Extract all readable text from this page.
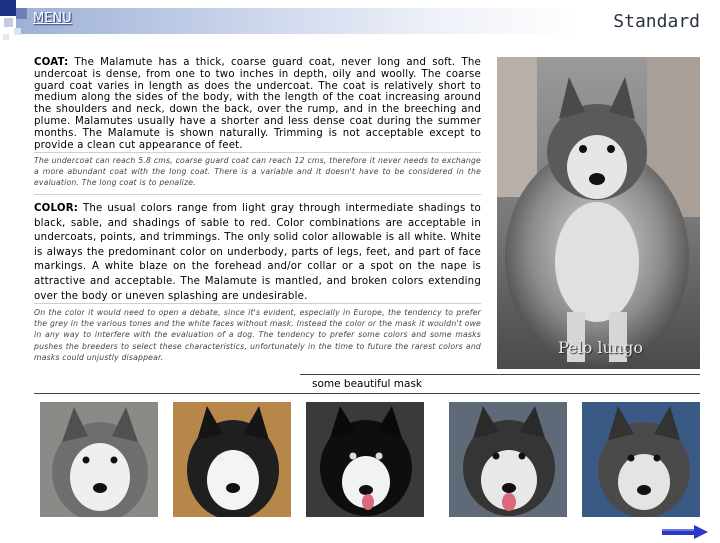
MENU	Standard
COAT: The Malamute has a thick, coarse guard coat, never long and soft. The undercoat is dense, from one to two inches in depth, oily and woolly. The coarse guard coat varies in length as does the undercoat. The coat is relatively short to medium along the sides of the body, with the length of the coat increasing around the shoulders and neck, down the back, over the rump, and in the breeching and plume. Malamutes usually have a shorter and less dense coat during the summer months. The Malamute is shown naturally. Trimming is not acceptable except to provide a clean cut appearance of feet.
The undercoat can reach 5.8 cms, coarse guard coat can reach 12 cms, therefore it never needs to exchange a more abundant coat with the long coat. There is a variable and it doesn't have to be considered in the evaluation. The long coat is to penalize.
COLOR: The usual colors range from light gray through intermediate shadings to black, sable, and shadings of sable to red. Color combinations are acceptable in undercoats, points, and trimmings. The only solid color allowable is all white. White is always the predominant color on underbody, parts of legs, feet, and part of face markings. A white blaze on the forehead and/or collar or a spot on the nape is attractive and acceptable. The Malamute is mantled, and broken colors extending over the body or uneven splashing are undesirable.
On the color it would need to open a debate, since it's evident, especially in Europe, the tendency to prefer the grey in the various tones and the white faces without mask. Instead the color or the mask it wouldn't owe in any way to interfere with the evaluation of a dog. The tendency to prefer some colors and some masks pushes the breeders to select these characteristics, unfortunately in the time to future the rarest colors and masks could unjustly disappear.
Pelo lungo
some beautiful mask
